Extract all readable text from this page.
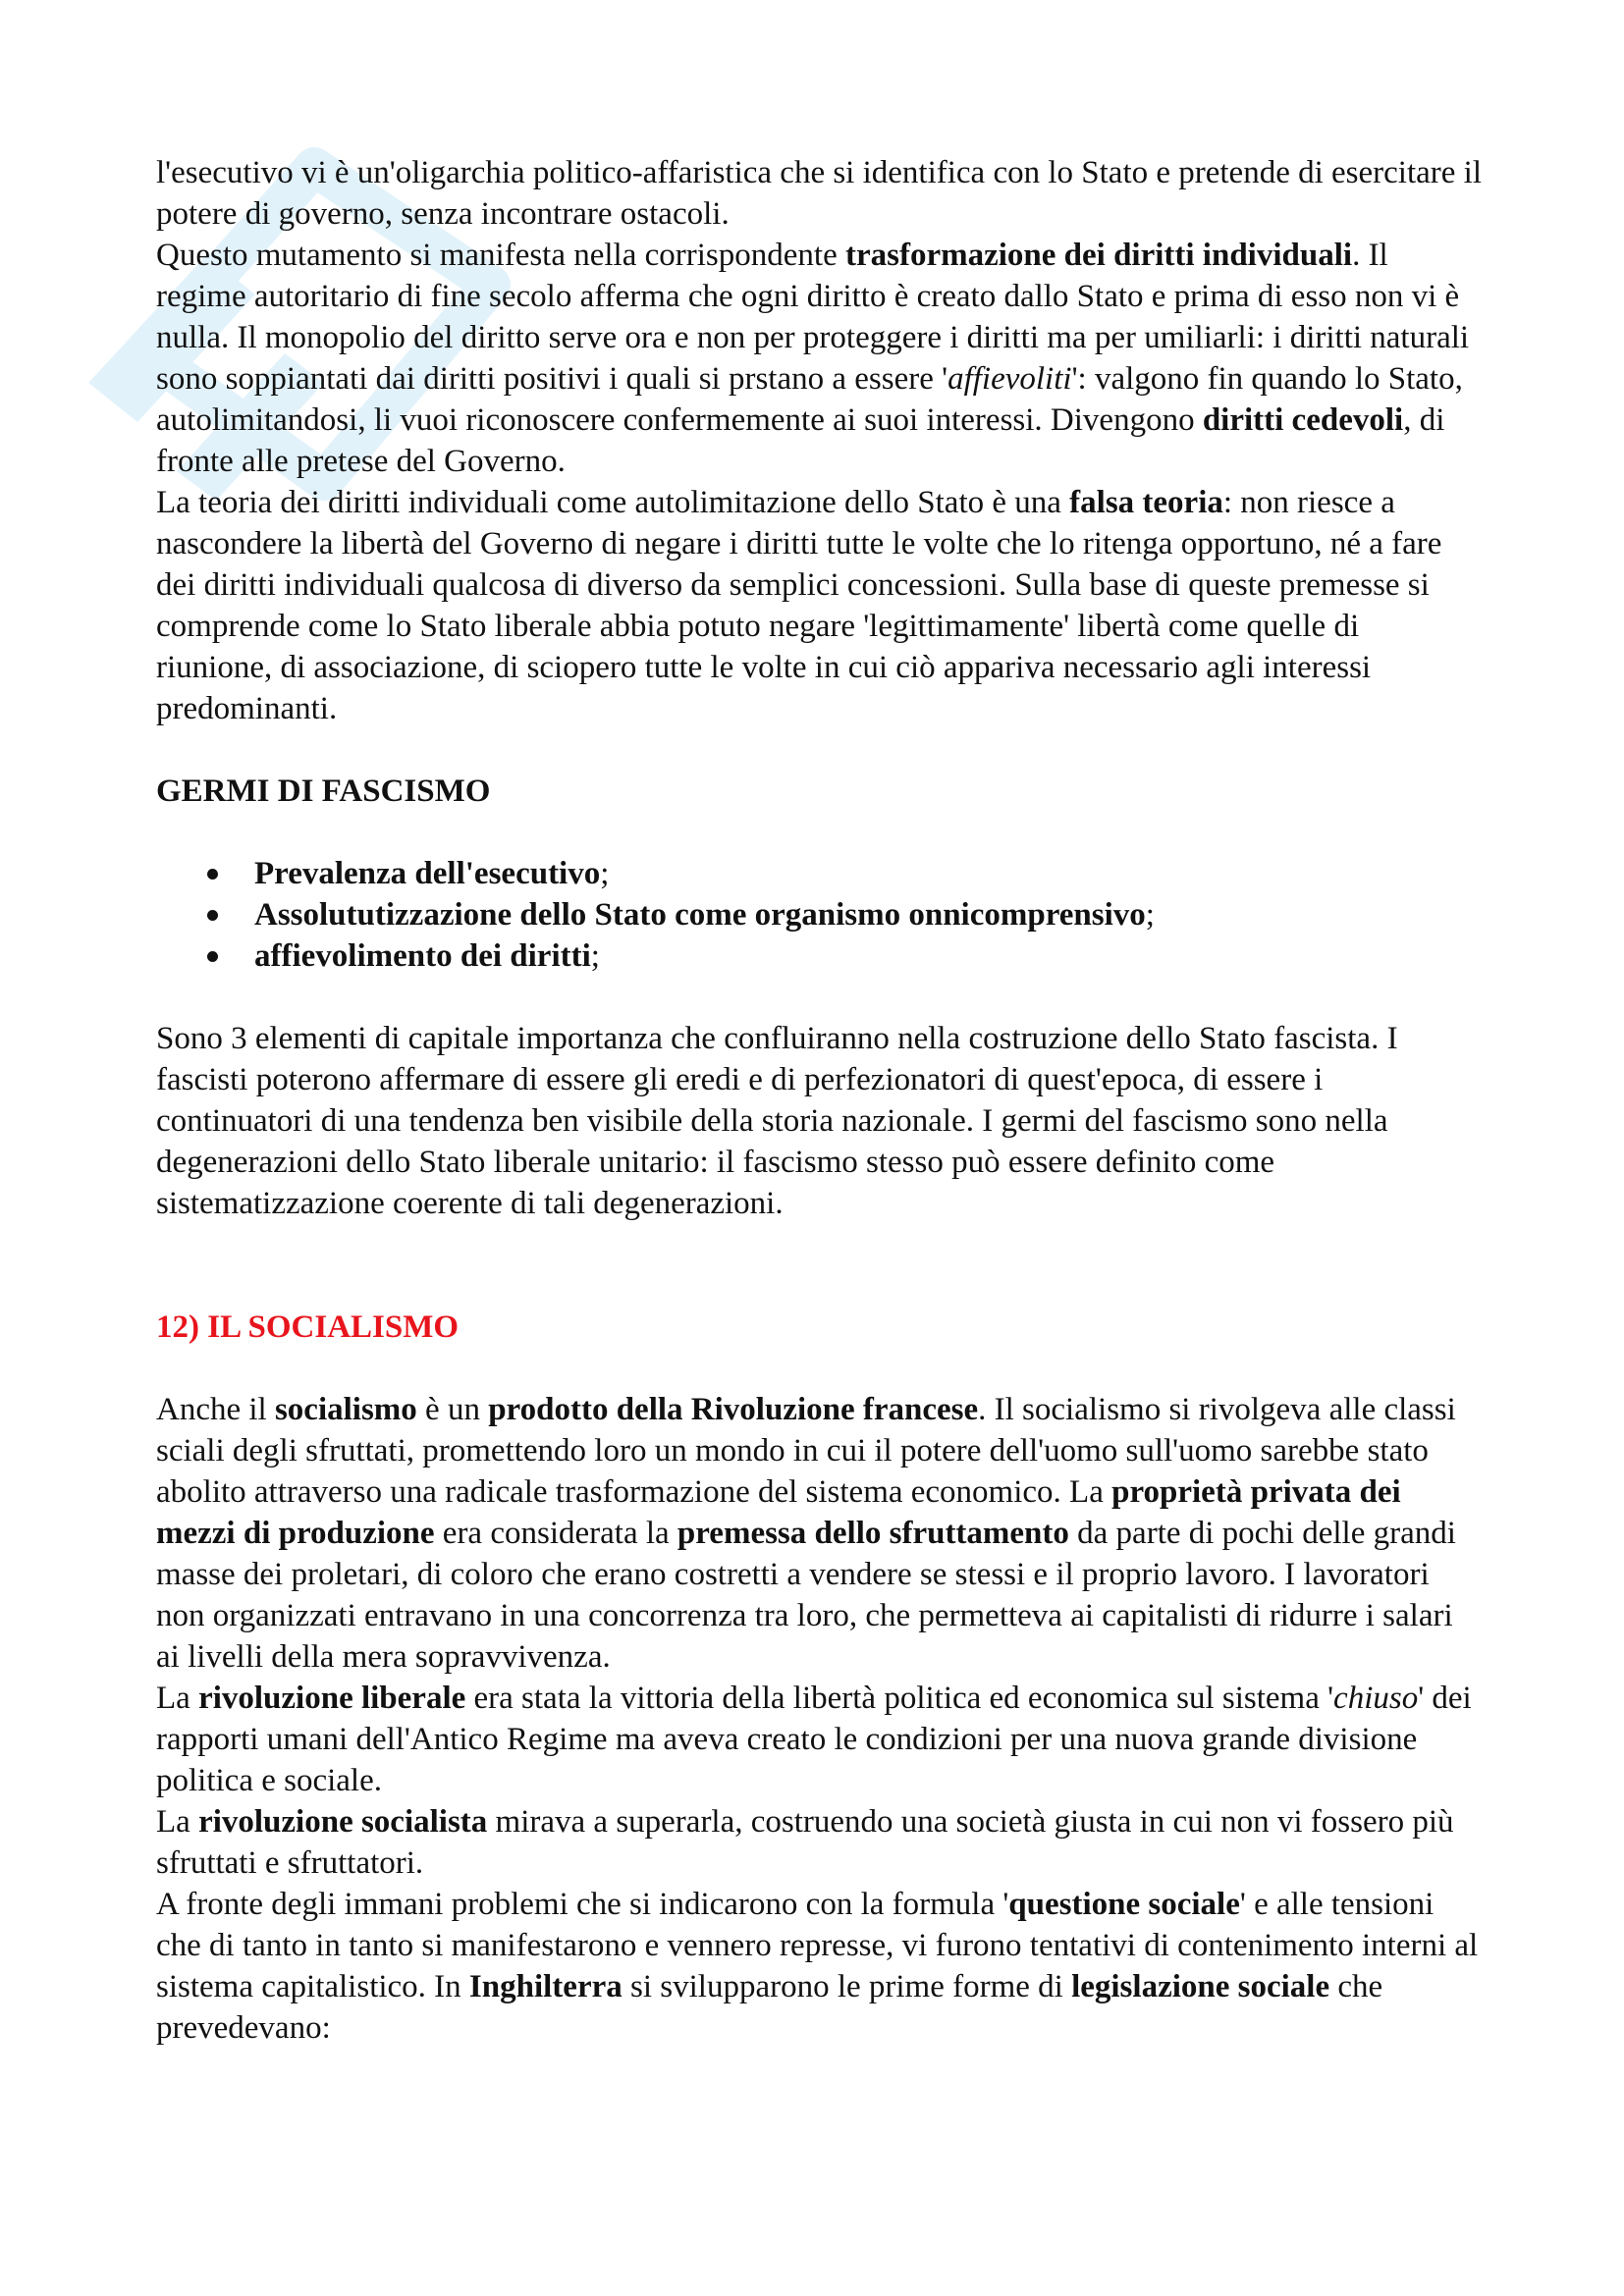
l'esecutivo vi è un'oligarchia politico-affaristica che si identifica con lo Stato e pretende di esercitare il potere di governo, senza incontrare ostacoli.

Questo mutamento si manifesta nella corrispondente trasformazione dei diritti individuali. Il regime autoritario di fine secolo afferma che ogni diritto è creato dallo Stato e prima di esso non vi è nulla. Il monopolio del diritto serve ora e non per proteggere i diritti ma per umiliarli: i diritti naturali sono soppiantati dai diritti positivi i quali si prstano a essere 'affievoliti': valgono fin quando lo Stato, autolimitandosi, li vuoi riconoscere confermemente ai suoi interessi. Divengono diritti cedevoli, di fronte alle pretese del Governo.

La teoria dei diritti individuali come autolimitazione dello Stato è una falsa teoria: non riesce a nascondere la libertà del Governo di negare i diritti tutte le volte che lo ritenga opportuno, né a fare dei diritti individuali qualcosa di diverso da semplici concessioni. Sulla base di queste premesse si comprende come lo Stato liberale abbia potuto negare 'legittimamente' libertà come quelle di riunione, di associazione, di sciopero tutte le volte in cui ciò appariva necessario agli interessi predominanti.

GERMI DI FASCISMO

Prevalenza dell'esecutivo;
Assolututizzazione dello Stato come organismo onnicomprensivo;
affievolimento dei diritti;

Sono 3 elementi di capitale importanza che confluiranno nella costruzione dello Stato fascista. I fascisti poterono affermare di essere gli eredi e di perfezionatori di quest'epoca, di essere i continuatori di una tendenza ben visibile della storia nazionale. I germi del fascismo sono nella degenerazioni dello Stato liberale unitario: il fascismo stesso può essere definito come sistematizzazione coerente di tali degenerazioni.

12) IL SOCIALISMO

Anche il socialismo è un prodotto della Rivoluzione francese. Il socialismo si rivolgeva alle classi sciali degli sfruttati, promettendo loro un mondo in cui il potere dell'uomo sull'uomo sarebbe stato abolito attraverso una radicale trasformazione del sistema economico. La proprietà privata dei mezzi di produzione era considerata la premessa dello sfruttamento da parte di pochi delle grandi masse dei proletari, di coloro che erano costretti a vendere se stessi e il proprio lavoro. I lavoratori non organizzati entravano in una concorrenza tra loro, che permetteva ai capitalisti di ridurre i salari ai livelli della mera sopravvivenza.

La rivoluzione liberale era stata la vittoria della libertà politica ed economica sul sistema 'chiuso' dei rapporti umani dell'Antico Regime ma aveva creato le condizioni per una nuova grande divisione politica e sociale.

La rivoluzione socialista mirava a superarla, costruendo una società giusta in cui non vi fossero più sfruttati e sfruttatori.

A fronte degli immani problemi che si indicarono con la formula 'questione sociale' e alle tensioni che di tanto in tanto si manifestarono e vennero represse, vi furono tentativi di contenimento interni al sistema capitalistico. In Inghilterra si svilupparono le prime forme di legislazione sociale che prevedevano:
